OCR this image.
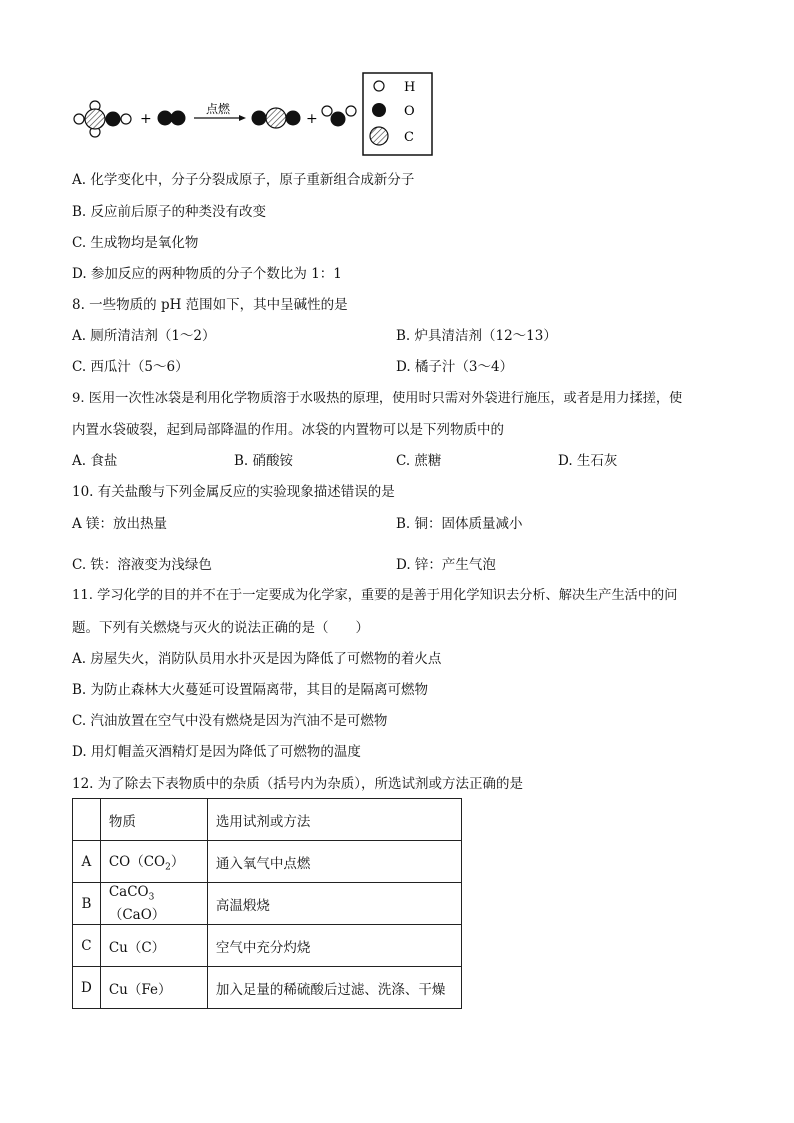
+
点燃
+
H
O
C
A. 化学变化中，分子分裂成原子，原子重新组合成新分子
B. 反应前后原子的种类没有改变
C. 生成物均是氧化物
D. 参加反应的两种物质的分子个数比为 1：1
8. 一些物质的 pH 范围如下，其中呈碱性的是
A. 厕所清洁剂（1～2）	B. 炉具清洁剂（12～13）
C. 西瓜汁（5～6）	D. 橘子汁（3～4）
9. 医用一次性冰袋是利用化学物质溶于水吸热的原理，使用时只需对外袋进行施压，或者是用力揉搓，使
内置水袋破裂，起到局部降温的作用。冰袋的内置物可以是下列物质中的
A. 食盐	B. 硝酸铵	C. 蔗糖	D. 生石灰
10. 有关盐酸与下列金属反应的实验现象描述错误的是
A 镁：放出热量	B. 铜：固体质量减小
C. 铁：溶液变为浅绿色	D. 锌：产生气泡
11. 学习化学的目的并不在于一定要成为化学家，重要的是善于用化学知识去分析、解决生产生活中的问
题。下列有关燃烧与灭火的说法正确的是（　　）
A. 房屋失火，消防队员用水扑灭是因为降低了可燃物的着火点
B. 为防止森林大火蔓延可设置隔离带，其目的是隔离可燃物
C. 汽油放置在空气中没有燃烧是因为汽油不是可燃物
D. 用灯帽盖灭酒精灯是因为降低了可燃物的温度
12. 为了除去下表物质中的杂质（括号内为杂质），所选试剂或方法正确的是
	物质	选用试剂或方法
A	$CO(CO_2)$	通入氧气中点燃
B	CaCO$_3$（CaO）	高温煅烧
C	Cu（C）	空气中充分灼烧
D	Cu（Fe）	加入足量的稀硫酸后过滤、洗涤、干燥
